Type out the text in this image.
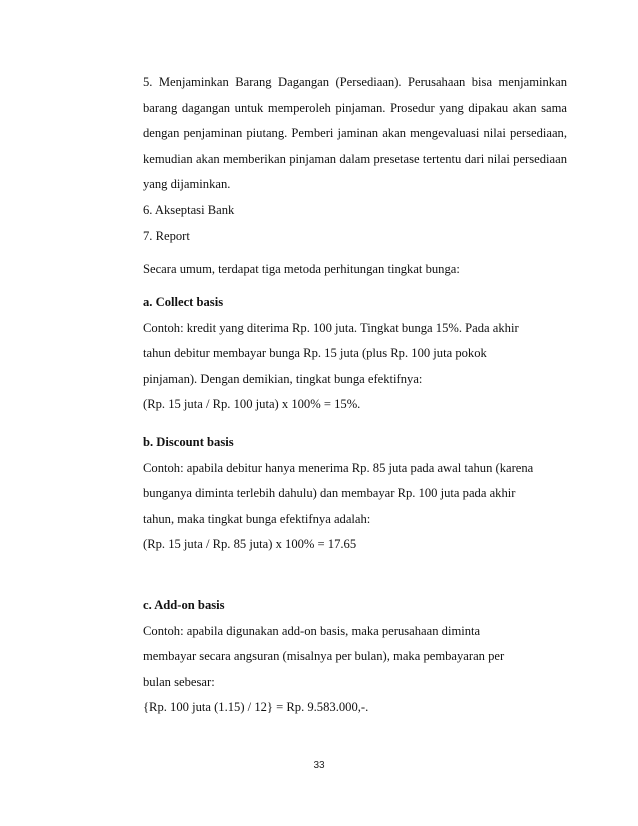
5. Menjaminkan Barang Dagangan (Persediaan). Perusahaan bisa menjaminkan barang dagangan untuk memperoleh pinjaman. Prosedur yang dipakau akan sama dengan penjaminan piutang. Pemberi jaminan akan mengevaluasi nilai persediaan, kemudian akan memberikan pinjaman dalam presetase tertentu dari nilai persediaan yang dijaminkan.
6. Akseptasi Bank
7. Report
Secara umum, terdapat tiga metoda perhitungan tingkat bunga:
a. Collect basis
Contoh: kredit yang diterima Rp. 100 juta. Tingkat bunga 15%. Pada akhir
tahun debitur membayar bunga Rp. 15 juta (plus Rp. 100 juta pokok
pinjaman). Dengan demikian, tingkat bunga efektifnya:
(Rp. 15 juta / Rp. 100 juta) x 100% = 15%.
b. Discount basis
Contoh: apabila debitur hanya menerima Rp. 85 juta pada awal tahun (karena
bunganya diminta terlebih dahulu) dan membayar Rp. 100 juta pada akhir
tahun, maka tingkat bunga efektifnya adalah:
(Rp. 15 juta / Rp. 85 juta) x 100% = 17.65
c. Add-on basis
Contoh: apabila digunakan add-on basis, maka perusahaan diminta
membayar secara angsuran (misalnya per bulan), maka pembayaran per
bulan sebesar:
{Rp. 100 juta (1.15) / 12} = Rp. 9.583.000,-.
33
